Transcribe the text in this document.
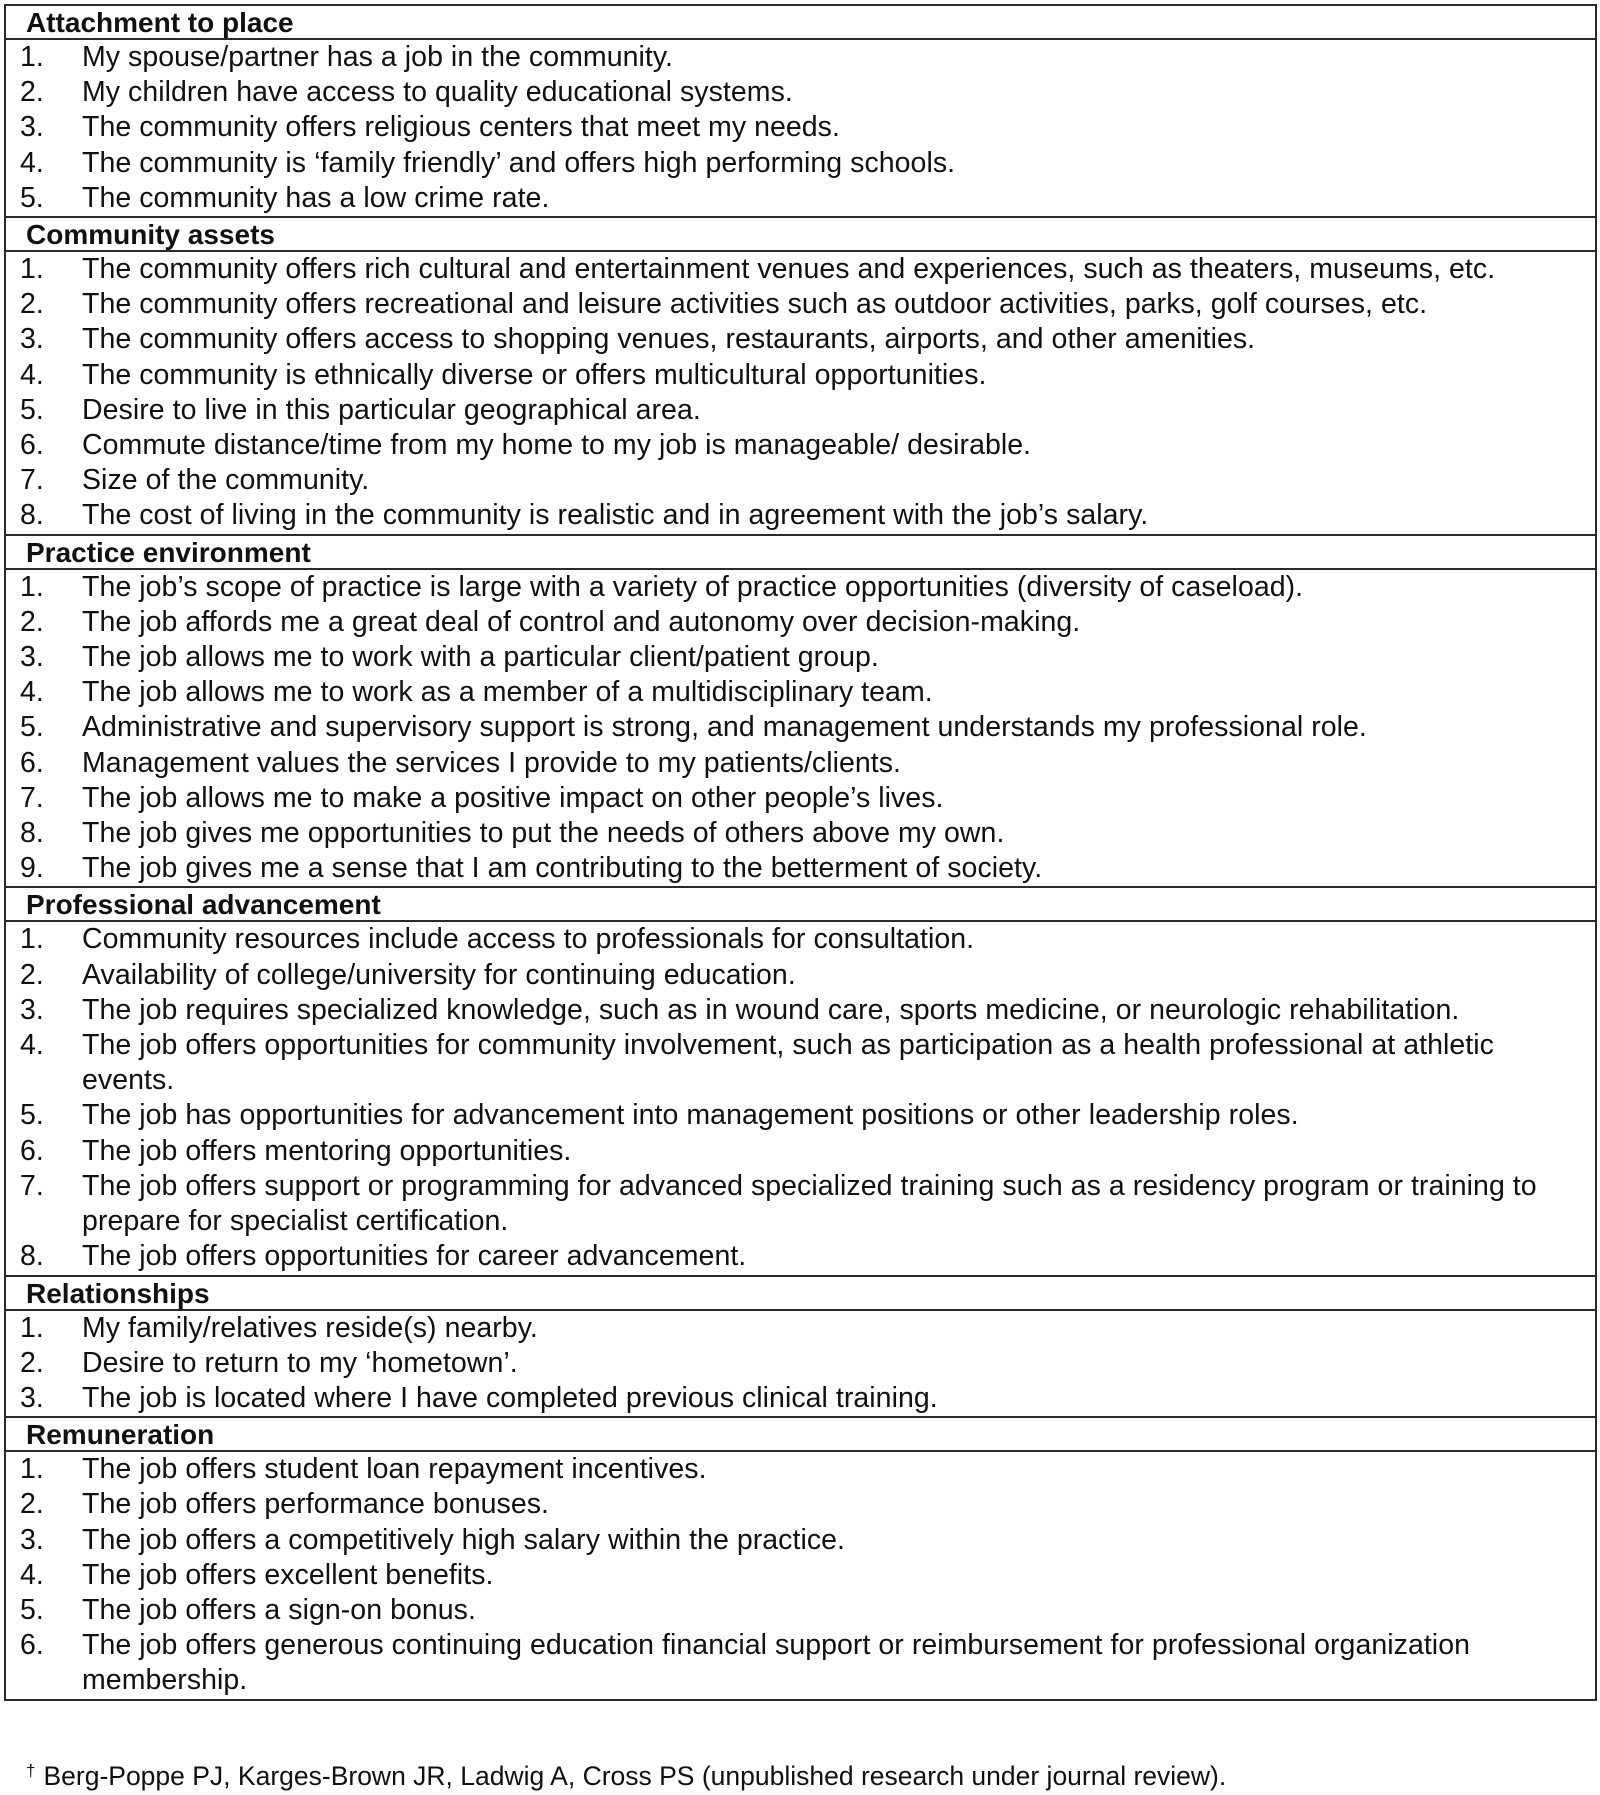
Attachment to place
1.	My spouse/partner has a job in the community.
2.	My children have access to quality educational systems.
3.	The community offers religious centers that meet my needs.
4.	The community is ‘family friendly’ and offers high performing schools.
5.	The community has a low crime rate.
Community assets
1.	The community offers rich cultural and entertainment venues and experiences, such as theaters, museums, etc.
2.	The community offers recreational and leisure activities such as outdoor activities, parks, golf courses, etc.
3.	The community offers access to shopping venues, restaurants, airports, and other amenities.
4.	The community is ethnically diverse or offers multicultural opportunities.
5.	Desire to live in this particular geographical area.
6.	Commute distance/time from my home to my job is manageable/ desirable.
7.	Size of the community.
8.	The cost of living in the community is realistic and in agreement with the job’s salary.
Practice environment
1.	The job’s scope of practice is large with a variety of practice opportunities (diversity of caseload).
2.	The job affords me a great deal of control and autonomy over decision-making.
3.	The job allows me to work with a particular client/patient group.
4.	The job allows me to work as a member of a multidisciplinary team.
5.	Administrative and supervisory support is strong, and management understands my professional role.
6.	Management values the services I provide to my patients/clients.
7.	The job allows me to make a positive impact on other people’s lives.
8.	The job gives me opportunities to put the needs of others above my own.
9.	The job gives me a sense that I am contributing to the betterment of society.
Professional advancement
1.	Community resources include access to professionals for consultation.
2.	Availability of college/university for continuing education.
3.	The job requires specialized knowledge, such as in wound care, sports medicine, or neurologic rehabilitation.
4.	The job offers opportunities for community involvement, such as participation as a health professional at athletic events.
5.	The job has opportunities for advancement into management positions or other leadership roles.
6.	The job offers mentoring opportunities.
7.	The job offers support or programming for advanced specialized training such as a residency program or training to prepare for specialist certification.
8.	The job offers opportunities for career advancement.
Relationships
1.	My family/relatives reside(s) nearby.
2.	Desire to return to my ‘hometown’.
3.	The job is located where I have completed previous clinical training.
Remuneration
1.	The job offers student loan repayment incentives.
2.	The job offers performance bonuses.
3.	The job offers a competitively high salary within the practice.
4.	The job offers excellent benefits.
5.	The job offers a sign-on bonus.
6.	The job offers generous continuing education financial support or reimbursement for professional organization membership.
† Berg-Poppe PJ, Karges-Brown JR, Ladwig A, Cross PS (unpublished research under journal review).
